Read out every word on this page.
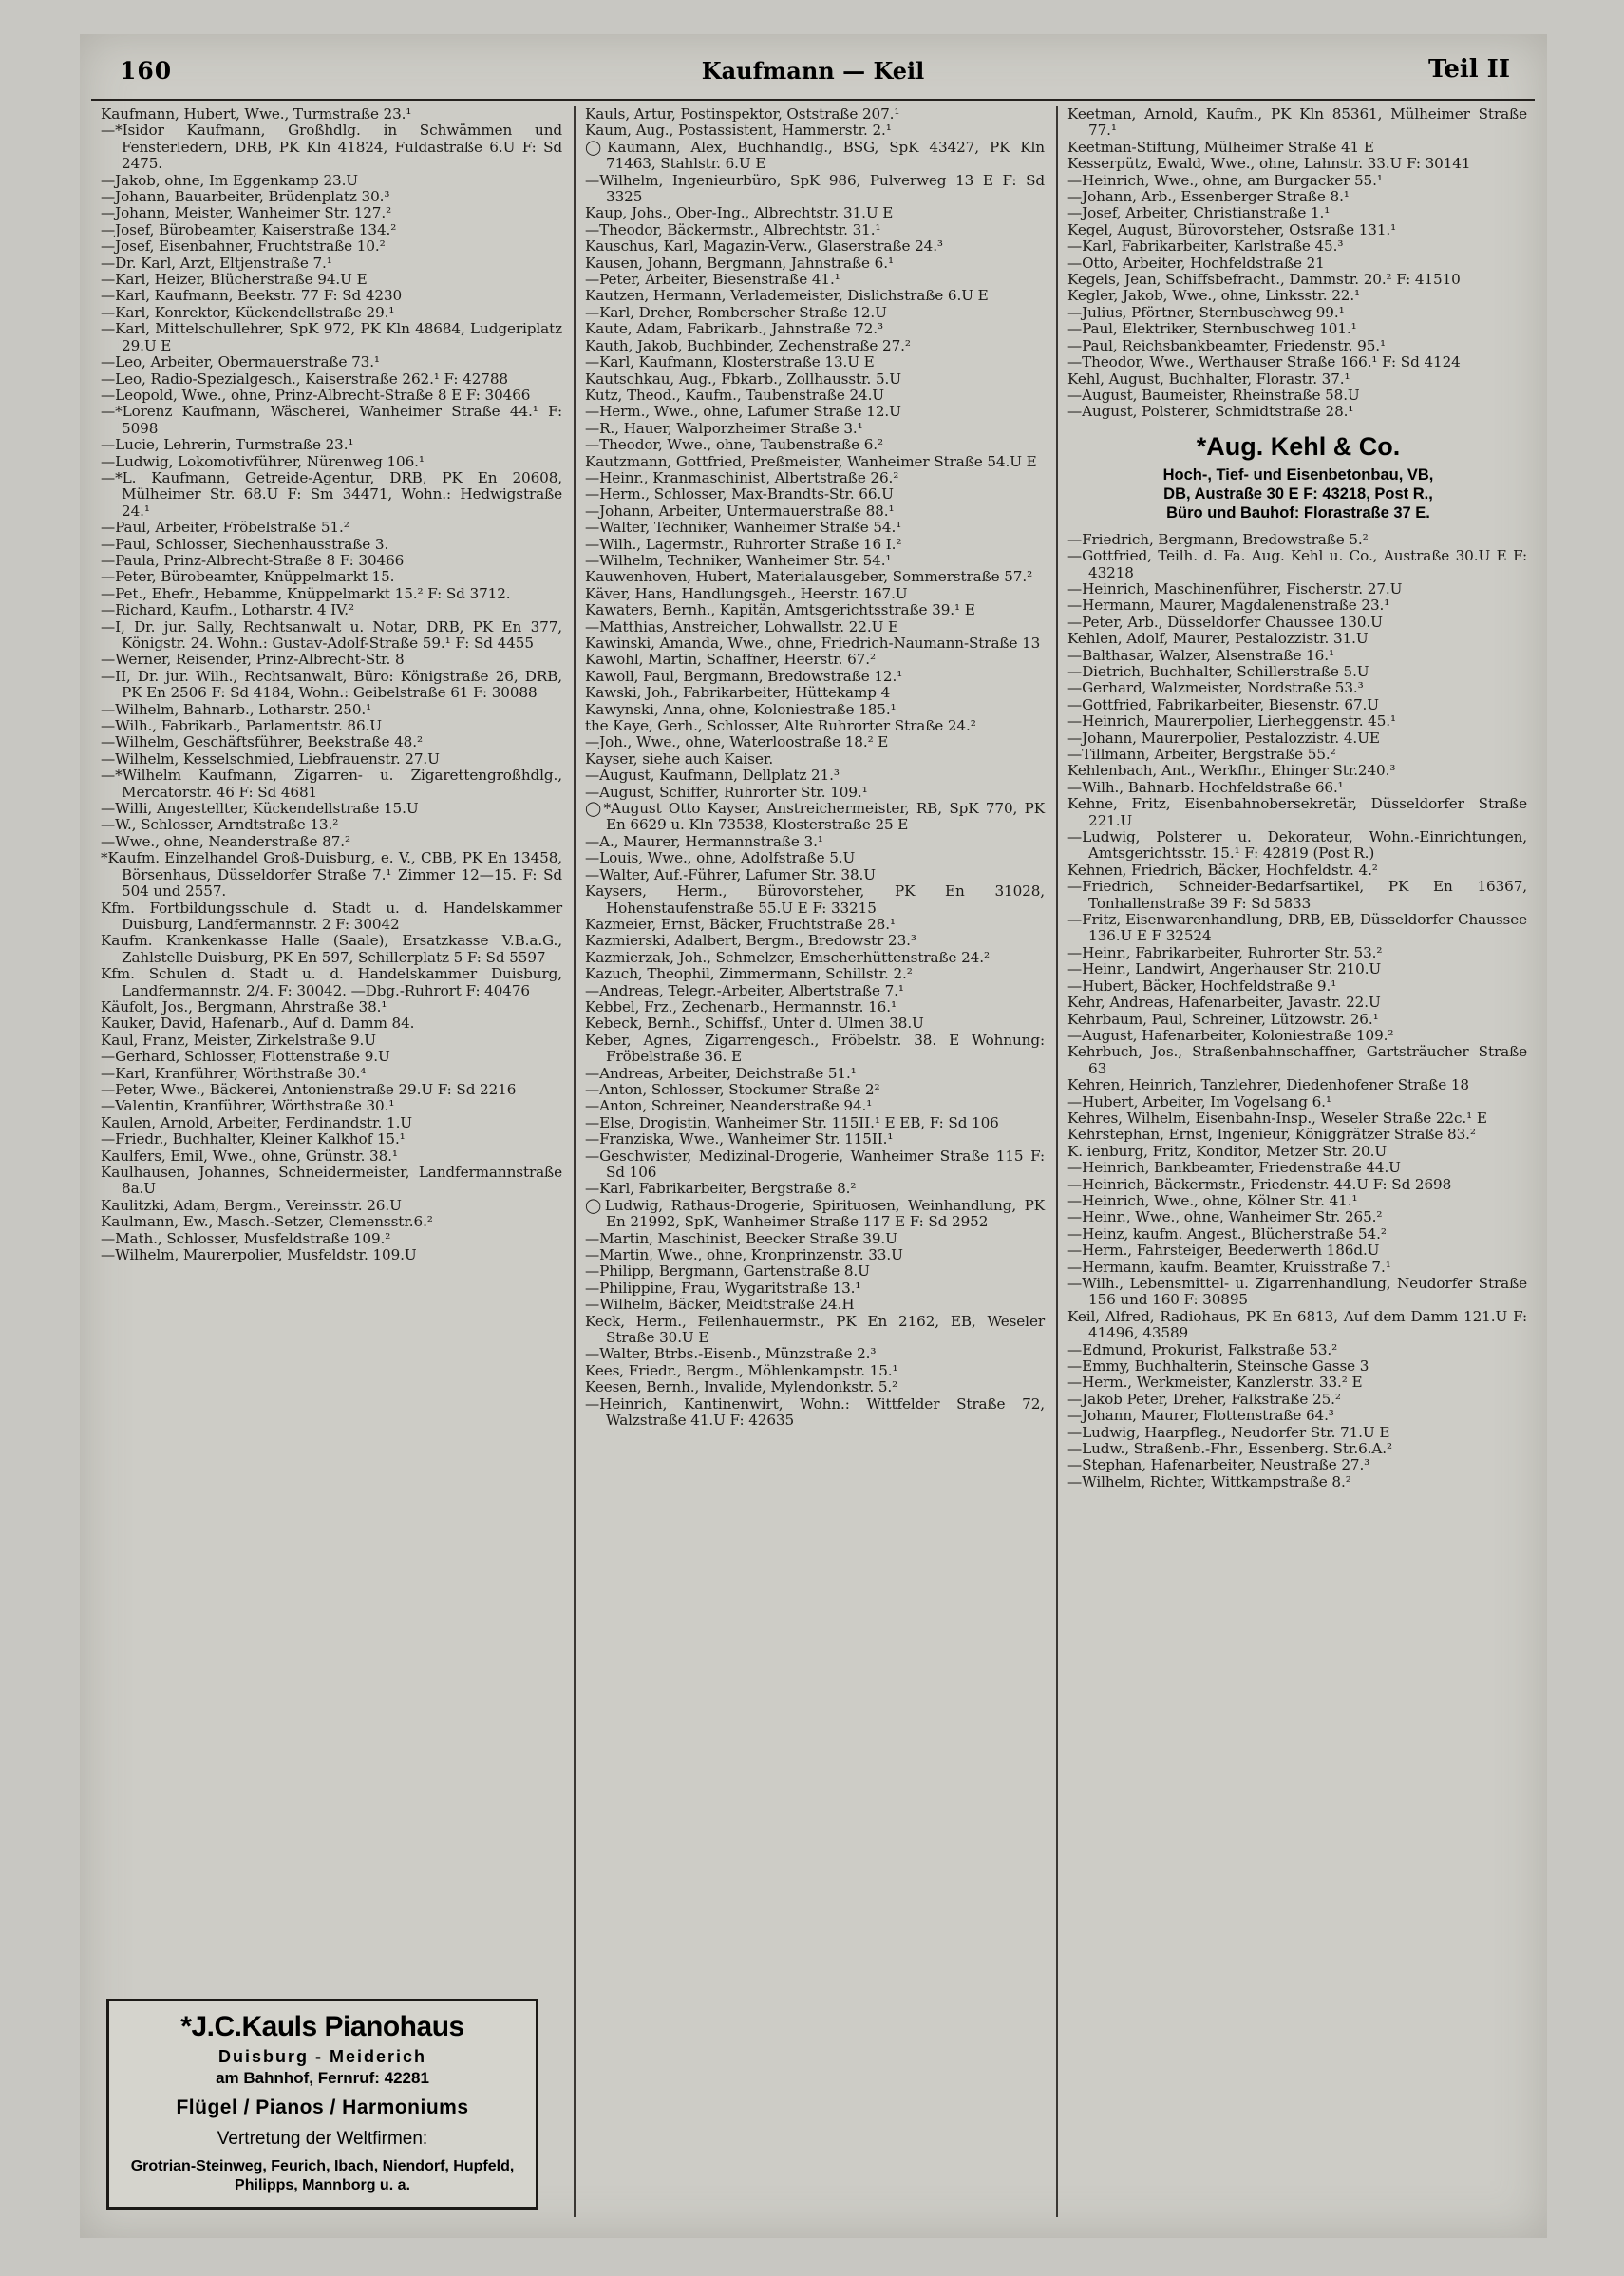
160	Kaufmann — Keil	Teil II

Kaufmann, Hubert, Wwe., Turmstraße 23.¹

—*Isidor Kaufmann, Großhdlg. in Schwämmen und Fensterledern, DRB, PK Kln 41824, Fuldastraße 6.U F: Sd 2475.

—Jakob, ohne, Im Eggenkamp 23.U

—Johann, Bauarbeiter, Brüdenplatz 30.³

—Johann, Meister, Wanheimer Str. 127.²

—Josef, Bürobeamter, Kaiserstraße 134.²

—Josef, Eisenbahner, Fruchtstraße 10.²

—Dr. Karl, Arzt, Eltjenstraße 7.¹

—Karl, Heizer, Blücherstraße 94.U E

—Karl, Kaufmann, Beekstr. 77 F: Sd 4230

—Karl, Konrektor, Kückendellstraße 29.¹

—Karl, Mittelschullehrer, SpK 972, PK Kln 48684, Ludgeriplatz 29.U E

—Leo, Arbeiter, Obermauerstraße 73.¹

—Leo, Radio-Spezialgesch., Kaiserstraße 262.¹ F: 42788

—Leopold, Wwe., ohne, Prinz-Albrecht-Straße 8 E F: 30466

—*Lorenz Kaufmann, Wäscherei, Wanheimer Straße 44.¹ F: 5098

—Lucie, Lehrerin, Turmstraße 23.¹

—Ludwig, Lokomotivführer, Nürenweg 106.¹

—*L. Kaufmann, Getreide-Agentur, DRB, PK En 20608, Mülheimer Str. 68.U F: Sm 34471, Wohn.: Hedwigstraße 24.¹

—Paul, Arbeiter, Fröbelstraße 51.²

—Paul, Schlosser, Siechenhausstraße 3.

—Paula, Prinz-Albrecht-Straße 8 F: 30466

—Peter, Bürobeamter, Knüppelmarkt 15.

—Pet., Ehefr., Hebamme, Knüppelmarkt 15.² F: Sd 3712.

—Richard, Kaufm., Lotharstr. 4 IV.²

—I, Dr. jur. Sally, Rechtsanwalt u. Notar, DRB, PK En 377, Königstr. 24. Wohn.: Gustav-Adolf-Straße 59.¹ F: Sd 4455

—Werner, Reisender, Prinz-Albrecht-Str. 8

—II, Dr. jur. Wilh., Rechtsanwalt, Büro: Königstraße 26, DRB, PK En 2506 F: Sd 4184, Wohn.: Geibelstraße 61 F: 30088

—Wilhelm, Bahnarb., Lotharstr. 250.¹

—Wilh., Fabrikarb., Parlamentstr. 86.U

—Wilhelm, Geschäftsführer, Beekstraße 48.²

—Wilhelm, Kesselschmied, Liebfrauenstr. 27.U

—*Wilhelm Kaufmann, Zigarren- u. Zigarettengroßhdlg., Mercatorstr. 46 F: Sd 4681

—Willi, Angestellter, Kückendellstraße 15.U

—W., Schlosser, Arndtstraße 13.²

—Wwe., ohne, Neanderstraße 87.²

*Kaufm. Einzelhandel Groß-Duisburg, e. V., CBB, PK En 13458, Börsenhaus, Düsseldorfer Straße 7.¹ Zimmer 12—15. F: Sd 504 und 2557.

Kfm. Fortbildungsschule d. Stadt u. d. Handelskammer Duisburg, Landfermannstr. 2 F: 30042

Kaufm. Krankenkasse Halle (Saale), Ersatzkasse V.B.a.G., Zahlstelle Duisburg, PK En 597, Schillerplatz 5 F: Sd 5597

Kfm. Schulen d. Stadt u. d. Handelskammer Duisburg, Landfermannstr. 2/4. F: 30042. —Dbg.-Ruhrort F: 40476

Käufolt, Jos., Bergmann, Ahrstraße 38.¹

Kauker, David, Hafenarb., Auf d. Damm 84.

Kaul, Franz, Meister, Zirkelstraße 9.U

—Gerhard, Schlosser, Flottenstraße 9.U

—Karl, Kranführer, Wörthstraße 30.⁴

—Peter, Wwe., Bäckerei, Antonienstraße 29.U F: Sd 2216

—Valentin, Kranführer, Wörthstraße 30.¹

Kaulen, Arnold, Arbeiter, Ferdinandstr. 1.U

—Friedr., Buchhalter, Kleiner Kalkhof 15.¹

Kaulfers, Emil, Wwe., ohne, Grünstr. 38.¹

Kaulhausen, Johannes, Schneidermeister, Landfermannstraße 8a.U

Kaulitzki, Adam, Bergm., Vereinsstr. 26.U

Kaulmann, Ew., Masch.-Setzer, Clemensstr.6.²

—Math., Schlosser, Musfeldstraße 109.²

—Wilhelm, Maurerpolier, Musfeldstr. 109.U

*J.C.Kauls Pianohaus
Duisburg - Meiderich
am Bahnhof, Fernruf: 42281
Flügel / Pianos / Harmoniums
Vertretung der Weltfirmen:
Grotrian-Steinweg, Feurich, Ibach, Niendorf, Hupfeld, Philipps, Mannborg u. a.

Kauls, Artur, Postinspektor, Oststraße 207.¹

Kaum, Aug., Postassistent, Hammerstr. 2.¹

◯Kaumann, Alex, Buchhandlg., BSG, SpK 43427, PK Kln 71463, Stahlstr. 6.U E

—Wilhelm, Ingenieurbüro, SpK 986, Pulverweg 13 E F: Sd 3325

Kaup, Johs., Ober-Ing., Albrechtstr. 31.U E

—Theodor, Bäckermstr., Albrechtstr. 31.¹

Kauschus, Karl, Magazin-Verw., Glaserstraße 24.³

Kausen, Johann, Bergmann, Jahnstraße 6.¹

—Peter, Arbeiter, Biesenstraße 41.¹

Kautzen, Hermann, Verlademeister, Dislichstraße 6.U E

—Karl, Dreher, Romberscher Straße 12.U

Kaute, Adam, Fabrikarb., Jahnstraße 72.³

Kauth, Jakob, Buchbinder, Zechenstraße 27.²

—Karl, Kaufmann, Klosterstraße 13.U E

Kautschkau, Aug., Fbkarb., Zollhausstr. 5.U

Kutz, Theod., Kaufm., Taubenstraße 24.U

—Herm., Wwe., ohne, Lafumer Straße 12.U

—R., Hauer, Walporzheimer Straße 3.¹

—Theodor, Wwe., ohne, Taubenstraße 6.²

Kautzmann, Gottfried, Preßmeister, Wanheimer Straße 54.U E

—Heinr., Kranmaschinist, Albertstraße 26.²

—Herm., Schlosser, Max-Brandts-Str. 66.U

—Johann, Arbeiter, Untermauerstraße 88.¹

—Walter, Techniker, Wanheimer Straße 54.¹

—Wilh., Lagermstr., Ruhrorter Straße 16 I.²

—Wilhelm, Techniker, Wanheimer Str. 54.¹

Kauwenhoven, Hubert, Materialausgeber, Sommerstraße 57.²

Käver, Hans, Handlungsgeh., Heerstr. 167.U

Kawaters, Bernh., Kapitän, Amtsgerichtsstraße 39.¹ E

—Matthias, Anstreicher, Lohwallstr. 22.U E

Kawinski, Amanda, Wwe., ohne, Friedrich-Naumann-Straße 13

Kawohl, Martin, Schaffner, Heerstr. 67.²

Kawoll, Paul, Bergmann, Bredowstraße 12.¹

Kawski, Joh., Fabrikarbeiter, Hüttekamp 4

Kawynski, Anna, ohne, Koloniestraße 185.¹

the Kaye, Gerh., Schlosser, Alte Ruhrorter Straße 24.²

—Joh., Wwe., ohne, Waterloostraße 18.² E

Kayser, siehe auch Kaiser.

—August, Kaufmann, Dellplatz 21.³

—August, Schiffer, Ruhrorter Str. 109.¹

◯*August Otto Kayser, Anstreichermeister, RB, SpK 770, PK En 6629 u. Kln 73538, Klosterstraße 25 E

—A., Maurer, Hermannstraße 3.¹

—Louis, Wwe., ohne, Adolfstraße 5.U

—Walter, Auf.-Führer, Lafumer Str. 38.U

Kaysers, Herm., Bürovorsteher, PK En 31028, Hohenstaufenstraße 55.U E F: 33215

Kazmeier, Ernst, Bäcker, Fruchtstraße 28.¹

Kazmierski, Adalbert, Bergm., Bredowstr 23.³

Kazmierzak, Joh., Schmelzer, Emscherhüttenstraße 24.²

Kazuch, Theophil, Zimmermann, Schillstr. 2.²

—Andreas, Telegr.-Arbeiter, Albertstraße 7.¹

Kebbel, Frz., Zechenarb., Hermannstr. 16.¹

Kebeck, Bernh., Schiffsf., Unter d. Ulmen 38.U

Keber, Agnes, Zigarrengesch., Fröbelstr. 38. E Wohnung: Fröbelstraße 36. E

—Andreas, Arbeiter, Deichstraße 51.¹

—Anton, Schlosser, Stockumer Straße 2²

—Anton, Schreiner, Neanderstraße 94.¹

—Else, Drogistin, Wanheimer Str. 115II.¹ E EB, F: Sd 106

—Franziska, Wwe., Wanheimer Str. 115II.¹

—Geschwister, Medizinal-Drogerie, Wanheimer Straße 115 F: Sd 106

—Karl, Fabrikarbeiter, Bergstraße 8.²

◯Ludwig, Rathaus-Drogerie, Spirituosen, Weinhandlung, PK En 21992, SpK, Wanheimer Straße 117 E F: Sd 2952

—Martin, Maschinist, Beecker Straße 39.U

—Martin, Wwe., ohne, Kronprinzenstr. 33.U

—Philipp, Bergmann, Gartenstraße 8.U

—Philippine, Frau, Wygaritstraße 13.¹

—Wilhelm, Bäcker, Meidtstraße 24.H

Keck, Herm., Feilenhauermstr., PK En 2162, EB, Weseler Straße 30.U E

—Walter, Btrbs.-Eisenb., Münzstraße 2.³

Kees, Friedr., Bergm., Möhlenkampstr. 15.¹

Keesen, Bernh., Invalide, Mylendonkstr. 5.²

—Heinrich, Kantinenwirt, Wohn.: Wittfelder Straße 72, Walzstraße 41.U F: 42635

Keetman, Arnold, Kaufm., PK Kln 85361, Mülheimer Straße 77.¹

Keetman-Stiftung, Mülheimer Straße 41 E

Kesserpütz, Ewald, Wwe., ohne, Lahnstr. 33.U F: 30141

—Heinrich, Wwe., ohne, am Burgacker 55.¹

—Johann, Arb., Essenberger Straße 8.¹

—Josef, Arbeiter, Christianstraße 1.¹

Kegel, August, Bürovorsteher, Ostsraße 131.¹

—Karl, Fabrikarbeiter, Karlstraße 45.³

—Otto, Arbeiter, Hochfeldstraße 21

Kegels, Jean, Schiffsbefracht., Dammstr. 20.² F: 41510

Kegler, Jakob, Wwe., ohne, Linksstr. 22.¹

—Julius, Pförtner, Sternbuschweg 99.¹

—Paul, Elektriker, Sternbuschweg 101.¹

—Paul, Reichsbankbeamter, Friedenstr. 95.¹

—Theodor, Wwe., Werthauser Straße 166.¹ F: Sd 4124

Kehl, August, Buchhalter, Florastr. 37.¹

—August, Baumeister, Rheinstraße 58.U

—August, Polsterer, Schmidtstraße 28.¹

*Aug. Kehl & Co.
Hoch-, Tief- und Eisenbetonbau, VB,
DB, Austraße 30 E F: 43218, Post R.,
Büro und Bauhof: Florastraße 37 E.

—Friedrich, Bergmann, Bredowstraße 5.²

—Gottfried, Teilh. d. Fa. Aug. Kehl u. Co., Austraße 30.U E F: 43218

—Heinrich, Maschinenführer, Fischerstr. 27.U

—Hermann, Maurer, Magdalenenstraße 23.¹

—Peter, Arb., Düsseldorfer Chaussee 130.U

Kehlen, Adolf, Maurer, Pestalozzistr. 31.U

—Balthasar, Walzer, Alsenstraße 16.¹

—Dietrich, Buchhalter, Schillerstraße 5.U

—Gerhard, Walzmeister, Nordstraße 53.³

—Gottfried, Fabrikarbeiter, Biesenstr. 67.U

—Heinrich, Maurerpolier, Lierheggenstr. 45.¹

—Johann, Maurerpolier, Pestalozzistr. 4.UE

—Tillmann, Arbeiter, Bergstraße 55.²

Kehlenbach, Ant., Werkfhr., Ehinger Str.240.³

—Wilh., Bahnarb. Hochfeldstraße 66.¹

Kehne, Fritz, Eisenbahnobersekretär, Düsseldorfer Straße 221.U

—Ludwig, Polsterer u. Dekorateur, Wohn.-Einrichtungen, Amtsgerichtsstr. 15.¹ F: 42819 (Post R.)

Kehnen, Friedrich, Bäcker, Hochfeldstr. 4.²

—Friedrich, Schneider-Bedarfsartikel, PK En 16367, Tonhallenstraße 39 F: Sd 5833

—Fritz, Eisenwarenhandlung, DRB, EB, Düsseldorfer Chaussee 136.U E F 32524

—Heinr., Fabrikarbeiter, Ruhrorter Str. 53.²

—Heinr., Landwirt, Angerhauser Str. 210.U

—Hubert, Bäcker, Hochfeldstraße 9.¹

Kehr, Andreas, Hafenarbeiter, Javastr. 22.U

Kehrbaum, Paul, Schreiner, Lützowstr. 26.¹

—August, Hafenarbeiter, Koloniestraße 109.²

Kehrbuch, Jos., Straßenbahnschaffner, Gartsträucher Straße 63

Kehren, Heinrich, Tanzlehrer, Diedenhofener Straße 18

—Hubert, Arbeiter, Im Vogelsang 6.¹

Kehres, Wilhelm, Eisenbahn-Insp., Weseler Straße 22c.¹ E

Kehrstephan, Ernst, Ingenieur, Königgrätzer Straße 83.²

K. ienburg, Fritz, Konditor, Metzer Str. 20.U

—Heinrich, Bankbeamter, Friedenstraße 44.U

—Heinrich, Bäckermstr., Friedenstr. 44.U F: Sd 2698

—Heinrich, Wwe., ohne, Kölner Str. 41.¹

—Heinr., Wwe., ohne, Wanheimer Str. 265.²

—Heinz, kaufm. Angest., Blücherstraße 54.²

—Herm., Fahrsteiger, Beederwerth 186d.U

—Hermann, kaufm. Beamter, Kruisstraße 7.¹

—Wilh., Lebensmittel- u. Zigarrenhandlung, Neudorfer Straße 156 und 160 F: 30895

Keil, Alfred, Radiohaus, PK En 6813, Auf dem Damm 121.U F: 41496, 43589

—Edmund, Prokurist, Falkstraße 53.²

—Emmy, Buchhalterin, Steinsche Gasse 3

—Herm., Werkmeister, Kanzlerstr. 33.² E

—Jakob Peter, Dreher, Falkstraße 25.²

—Johann, Maurer, Flottenstraße 64.³

—Ludwig, Haarpfleg., Neudorfer Str. 71.U E

—Ludw., Straßenb.-Fhr., Essenberg. Str.6.A.²

—Stephan, Hafenarbeiter, Neustraße 27.³

—Wilhelm, Richter, Wittkampstraße 8.²
